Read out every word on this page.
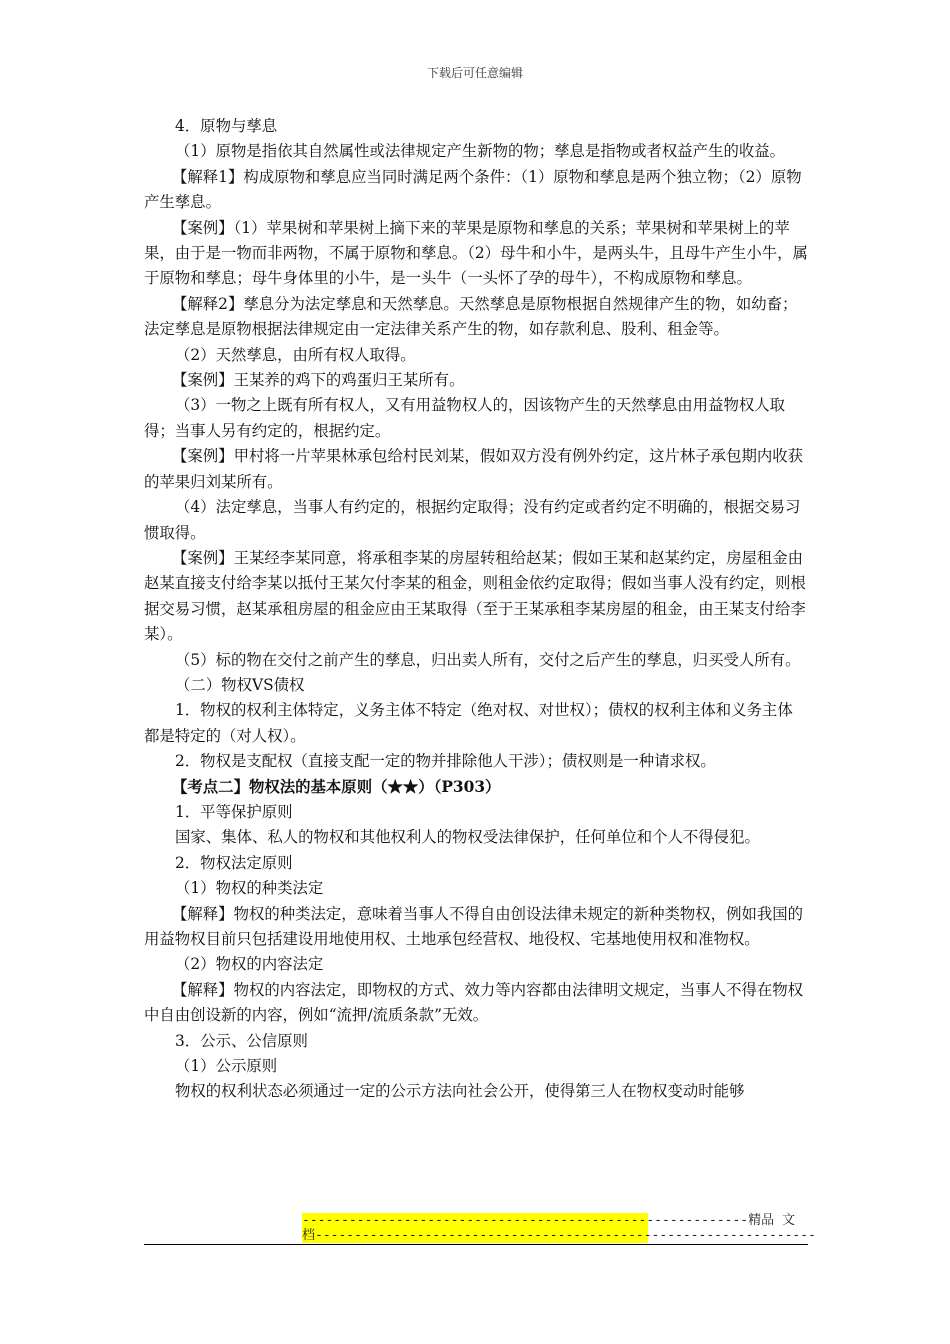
下载后可任意编辑

4．原物与孳息

（1）原物是指依其自然属性或法律规定产生新物的物；孳息是指物或者权益产生的收益。

【解释1】构成原物和孳息应当同时满足两个条件：（1）原物和孳息是两个独立物；（2）原物产生孳息。

【案例】（1）苹果树和苹果树上摘下来的苹果是原物和孳息的关系；苹果树和苹果树上的苹果，由于是一物而非两物，不属于原物和孳息。（2）母牛和小牛，是两头牛，且母牛产生小牛，属于原物和孳息；母牛身体里的小牛，是一头牛（一头怀了孕的母牛），不构成原物和孳息。

【解释2】孳息分为法定孳息和天然孳息。天然孳息是原物根据自然规律产生的物，如幼畜；法定孳息是原物根据法律规定由一定法律关系产生的物，如存款利息、股利、租金等。

（2）天然孳息，由所有权人取得。

【案例】王某养的鸡下的鸡蛋归王某所有。

（3）一物之上既有所有权人，又有用益物权人的，因该物产生的天然孳息由用益物权人取得；当事人另有约定的，根据约定。

【案例】甲村将一片苹果林承包给村民刘某，假如双方没有例外约定，这片林子承包期内收获的苹果归刘某所有。

（4）法定孳息，当事人有约定的，根据约定取得；没有约定或者约定不明确的，根据交易习惯取得。

【案例】王某经李某同意，将承租李某的房屋转租给赵某；假如王某和赵某约定，房屋租金由赵某直接支付给李某以抵付王某欠付李某的租金，则租金依约定取得；假如当事人没有约定，则根据交易习惯，赵某承租房屋的租金应由王某取得（至于王某承租李某房屋的租金，由王某支付给李某）。

（5）标的物在交付之前产生的孳息，归出卖人所有，交付之后产生的孳息，归买受人所有。

（二）物权VS债权

1．物权的权利主体特定，义务主体不特定（绝对权、对世权）；债权的权利主体和义务主体都是特定的（对人权）。

2．物权是支配权（直接支配一定的物并排除他人干涉）；债权则是一种请求权。

【考点二】物权法的基本原则（★★）（P303）

1．平等保护原则

国家、集体、私人的物权和其他权利人的物权受法律保护，任何单位和个人不得侵犯。

2．物权法定原则

（1）物权的种类法定

【解释】物权的种类法定，意味着当事人不得自由创设法律未规定的新种类物权，例如我国的用益物权目前只包括建设用地使用权、土地承包经营权、地役权、宅基地使用权和准物权。

（2）物权的内容法定

【解释】物权的内容法定，即物权的方式、效力等内容都由法律明文规定，当事人不得在物权中自由创设新的内容，例如“流押/流质条款”无效。

3．公示、公信原则

（1）公示原则

物权的权利状态必须通过一定的公示方法向社会公开，使得第三人在物权变动时能够

---------------------------------------------------------精品 文
档----------------------------------------------------------------
